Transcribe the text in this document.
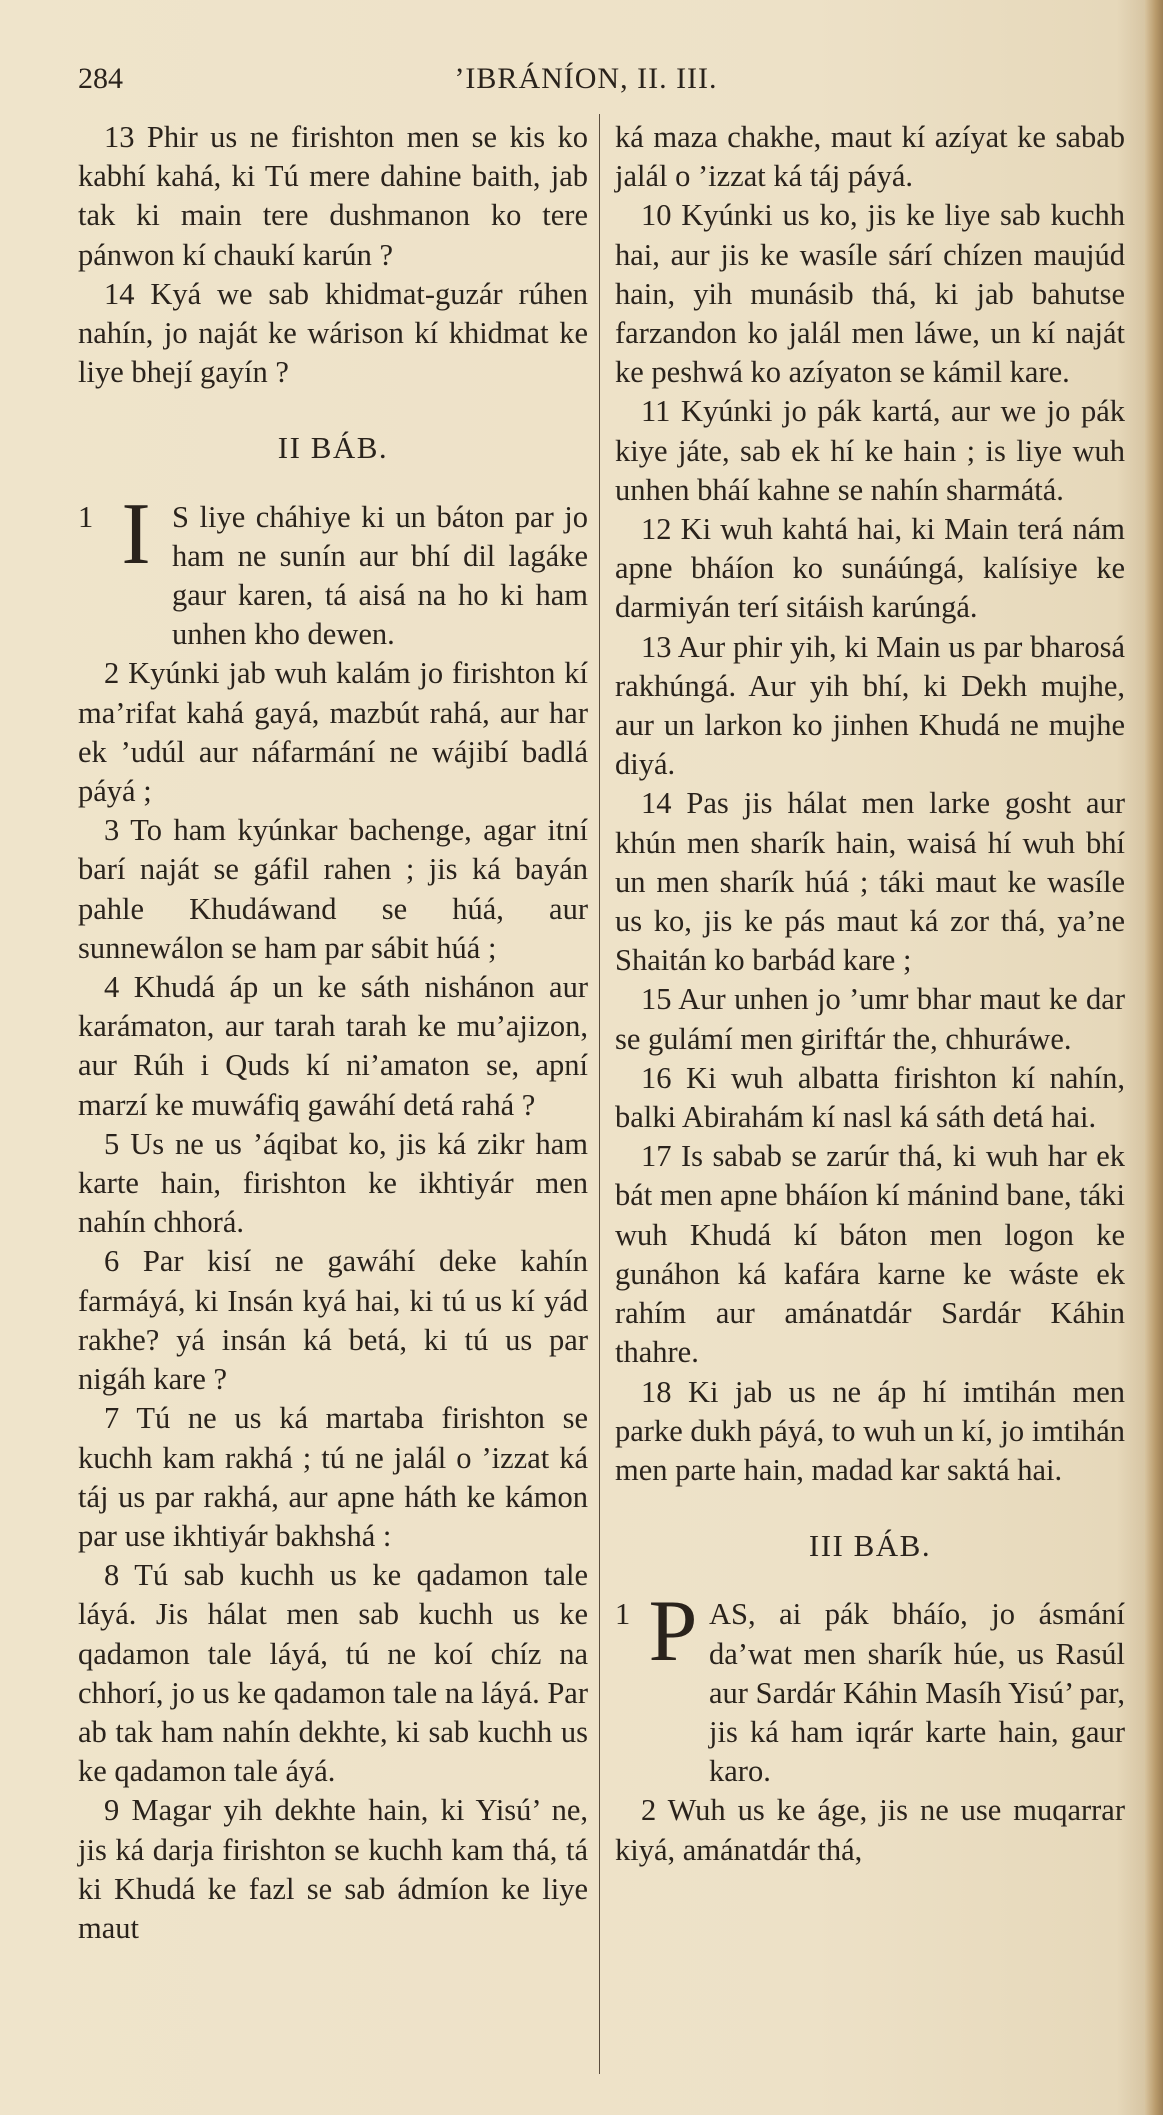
284	’IBRÁNÍON, II. III.

13 Phir us ne firishton men se kis ko kabhí kahá, ki Tú mere dahine baith, jab tak ki main tere dushmanon ko tere pánwon kí chaukí karún ?

14 Kyá we sab khidmat-guzár rúhen nahín, jo naját ke wárison kí khidmat ke liye bhejí gayín ?

II BÁB.
1 I S liye cháhiye ki un báton par jo ham ne sunín aur bhí dil lagáke gaur karen, tá aisá na ho ki ham unhen kho dewen.

2 Kyúnki jab wuh kalám jo firishton kí ma’rifat kahá gayá, mazbút rahá, aur har ek ’udúl aur náfarmání ne wájibí badlá páyá ;

3 To ham kyúnkar bachenge, agar itní barí naját se gáfil rahen ; jis ká bayán pahle Khudáwand se húá, aur sunnewálon se ham par sábit húá ;

4 Khudá áp un ke sáth nishánon aur karámaton, aur tarah tarah ke mu’ajizon, aur Rúh i Quds kí ni’amaton se, apní marzí ke muwáfiq gawáhí detá rahá ?

5 Us ne us ’áqibat ko, jis ká zikr ham karte hain, firishton ke ikhtiyár men nahín chhorá.

6 Par kisí ne gawáhí deke kahín farmáyá, ki Insán kyá hai, ki tú us kí yád rakhe? yá insán ká betá, ki tú us par nigáh kare ?

7 Tú ne us ká martaba firishton se kuchh kam rakhá ; tú ne jalál o ’izzat ká táj us par rakhá, aur apne háth ke kámon par use ikhtiyár bakhshá :

8 Tú sab kuchh us ke qadamon tale láyá. Jis hálat men sab kuchh us ke qadamon tale láyá, tú ne koí chíz na chhorí, jo us ke qadamon tale na láyá. Par ab tak ham nahín dekhte, ki sab kuchh us ke qadamon tale áyá.

9 Magar yih dekhte hain, ki Yisú’ ne, jis ká darja firishton se kuchh kam thá, tá ki Khudá ke fazl se sab ádmíon ke liye maut

ká maza chakhe, maut kí azíyat ke sabab jalál o ’izzat ká táj páyá.

10 Kyúnki us ko, jis ke liye sab kuchh hai, aur jis ke wasíle sárí chízen maujúd hain, yih munásib thá, ki jab bahutse farzandon ko jalál men láwe, un kí naját ke peshwá ko azíyaton se kámil kare.

11 Kyúnki jo pák kartá, aur we jo pák kiye játe, sab ek hí ke hain ; is liye wuh unhen bháí kahne se nahín sharmátá.

12 Ki wuh kahtá hai, ki Main terá nám apne bháíon ko sunáúngá, kalísiye ke darmiyán terí sitáish karúngá.

13 Aur phir yih, ki Main us par bharosá rakhúngá. Aur yih bhí, ki Dekh mujhe, aur un larkon ko jinhen Khudá ne mujhe diyá.

14 Pas jis hálat men larke gosht aur khún men sharík hain, waisá hí wuh bhí un men sharík húá ; táki maut ke wasíle us ko, jis ke pás maut ká zor thá, ya’ne Shaitán ko barbád kare ;

15 Aur unhen jo ’umr bhar maut ke dar se gulámí men giriftár the, chhuráwe.

16 Ki wuh albatta firishton kí nahín, balki Abirahám kí nasl ká sáth detá hai.

17 Is sabab se zarúr thá, ki wuh har ek bát men apne bháíon kí mánind bane, táki wuh Khudá kí báton men logon ke gunáhon ká kafára karne ke wáste ek rahím aur amánatdár Sardár Káhin thahre.

18 Ki jab us ne áp hí imtihán men parke dukh páyá, to wuh un kí, jo imtihán men parte hain, madad kar saktá hai.

III BÁB.
1 P AS, ai pák bháío, jo ásmání da’wat men sharík húe, us Rasúl aur Sardár Káhin Masíh Yisú’ par, jis ká ham iqrár karte hain, gaur karo.

2 Wuh us ke áge, jis ne use muqarrar kiyá, amánatdár thá,
